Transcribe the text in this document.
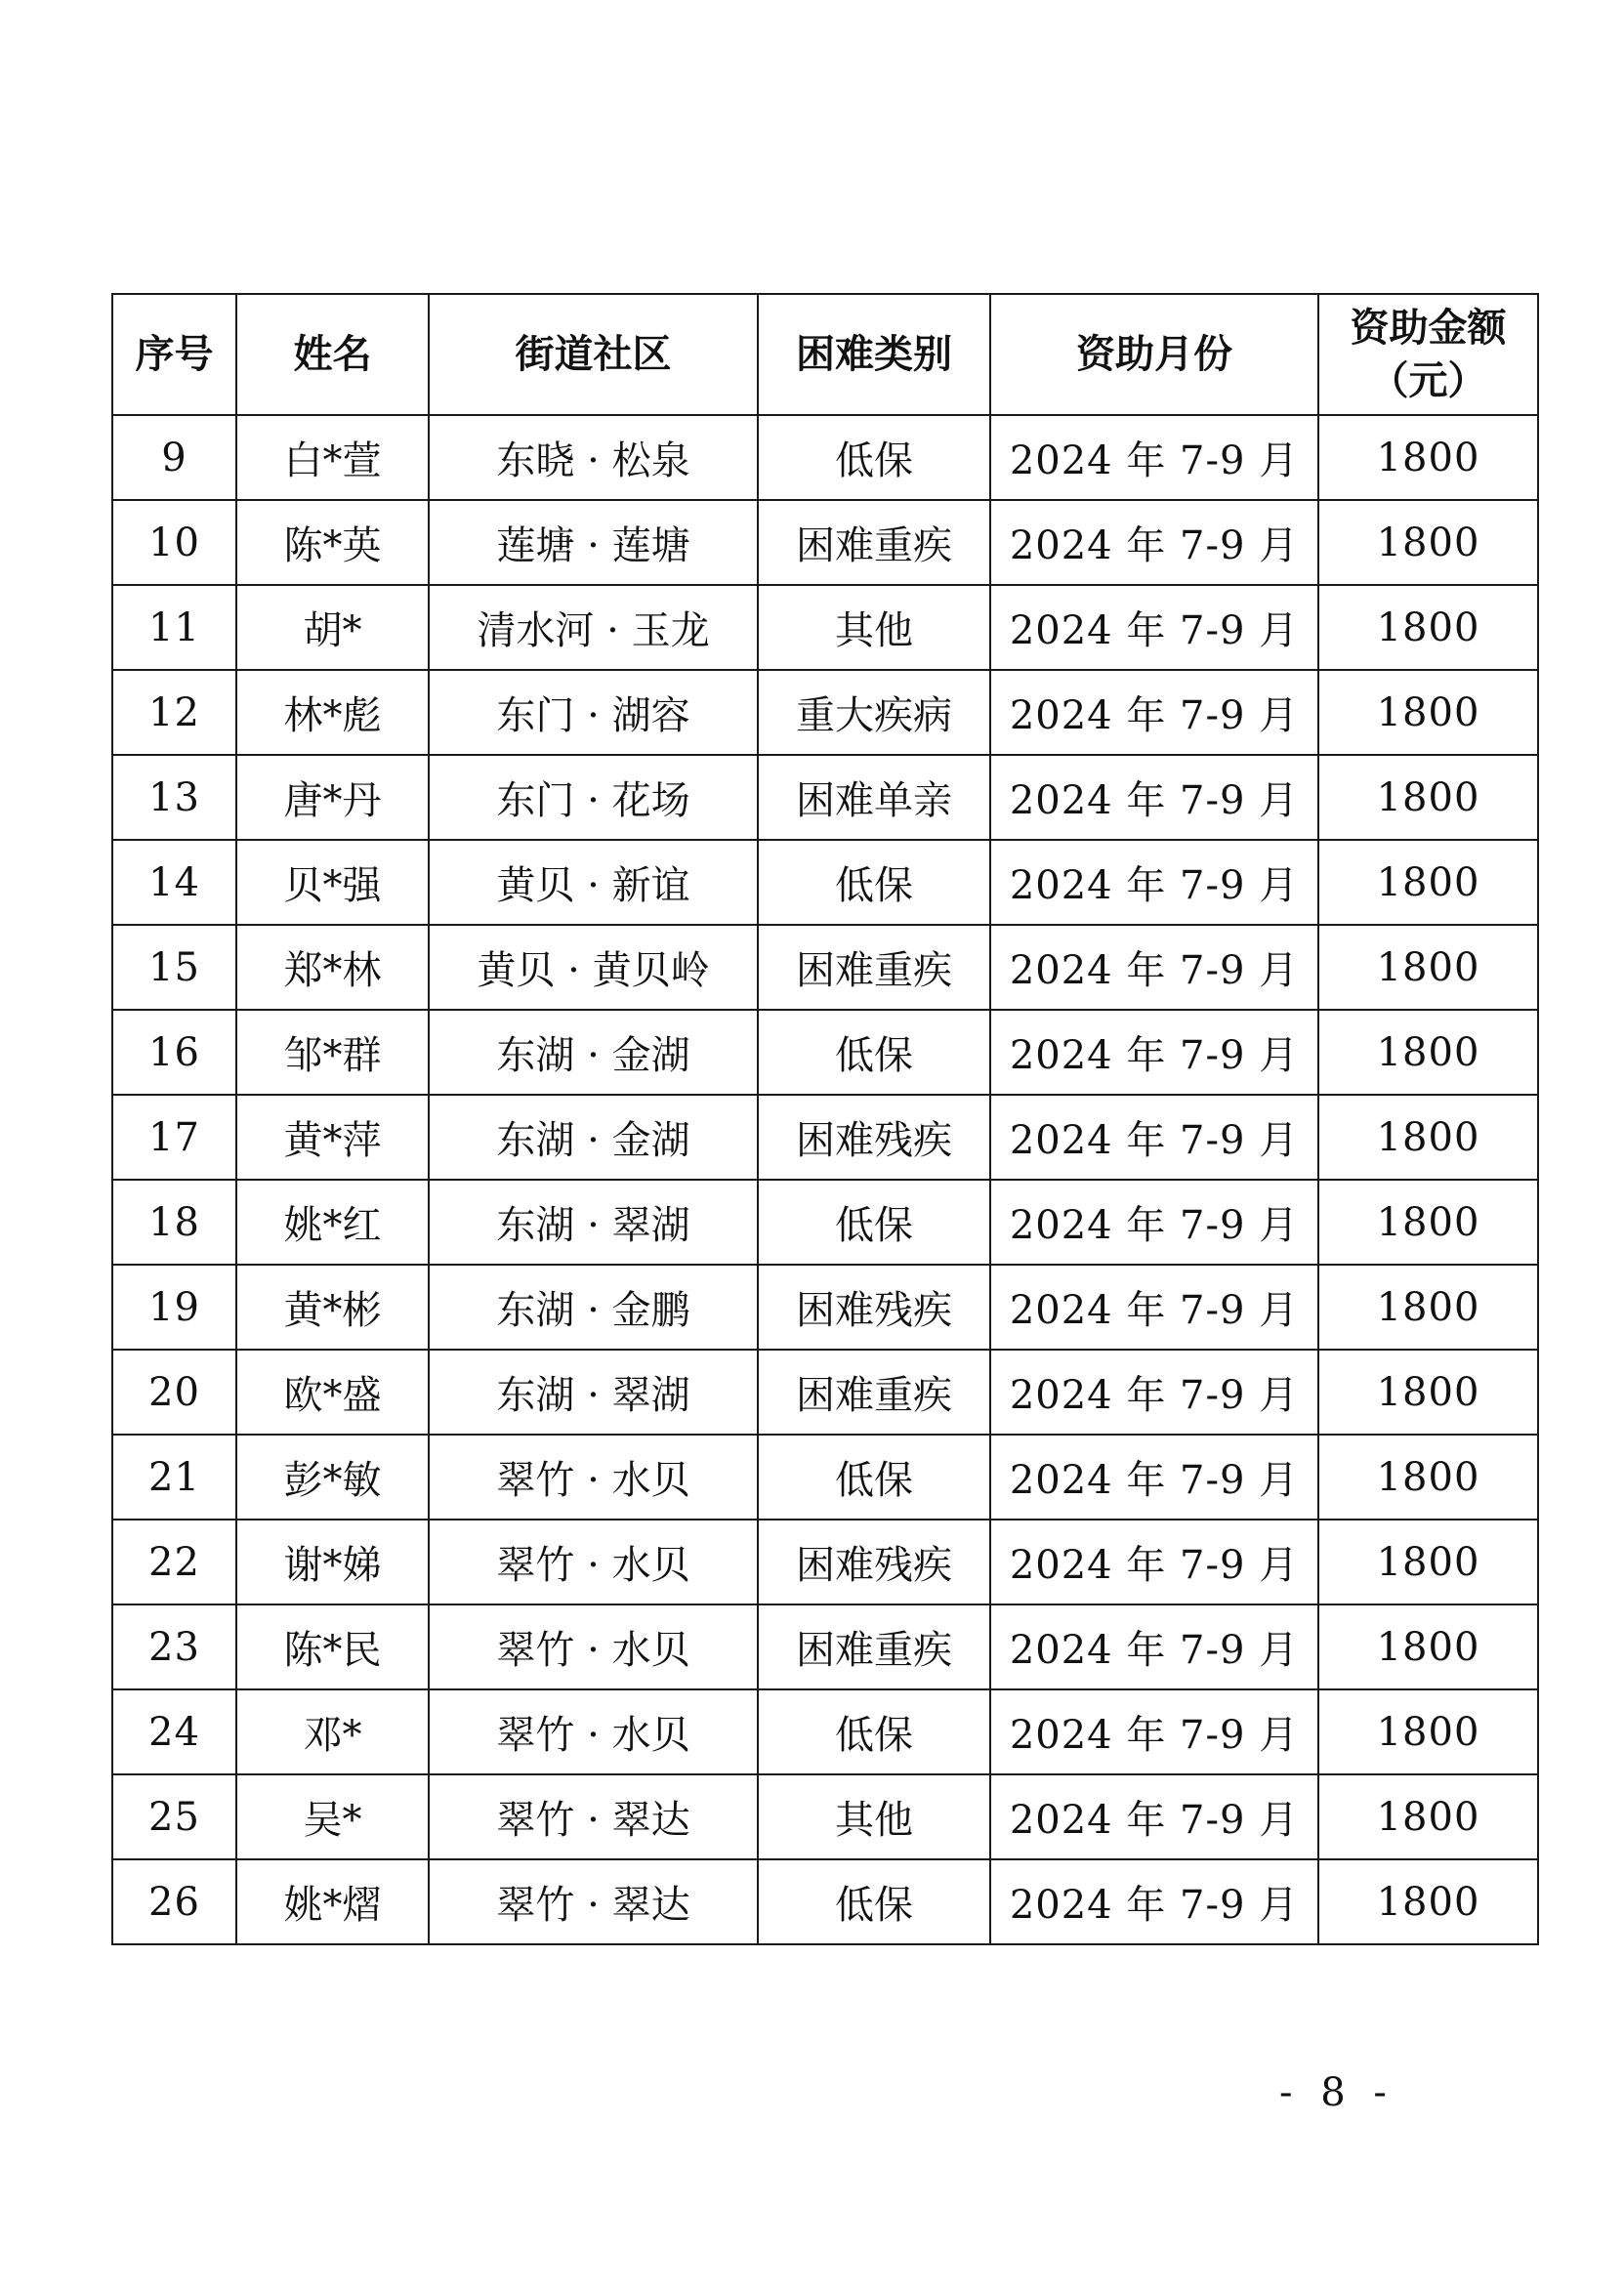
序号	姓名	街道社区	困难类别	资助月份	资助金额
（元）

9	白*萱	东晓 · 松泉	低保	2024 年 7-9 月	1800
10	陈*英	莲塘 · 莲塘	困难重疾	2024 年 7-9 月	1800
11	胡*	清水河 · 玉龙	其他	2024 年 7-9 月	1800
12	林*彪	东门 · 湖容	重大疾病	2024 年 7-9 月	1800
13	唐*丹	东门 · 花场	困难单亲	2024 年 7-9 月	1800
14	贝*强	黄贝 · 新谊	低保	2024 年 7-9 月	1800
15	郑*林	黄贝 · 黄贝岭	困难重疾	2024 年 7-9 月	1800
16	邹*群	东湖 · 金湖	低保	2024 年 7-9 月	1800
17	黄*萍	东湖 · 金湖	困难残疾	2024 年 7-9 月	1800
18	姚*红	东湖 · 翠湖	低保	2024 年 7-9 月	1800
19	黄*彬	东湖 · 金鹏	困难残疾	2024 年 7-9 月	1800
20	欧*盛	东湖 · 翠湖	困难重疾	2024 年 7-9 月	1800
21	彭*敏	翠竹 · 水贝	低保	2024 年 7-9 月	1800
22	谢*娣	翠竹 · 水贝	困难残疾	2024 年 7-9 月	1800
23	陈*民	翠竹 · 水贝	困难重疾	2024 年 7-9 月	1800
24	邓*	翠竹 · 水贝	低保	2024 年 7-9 月	1800
25	吴*	翠竹 · 翠达	其他	2024 年 7-9 月	1800
26	姚*熠	翠竹 · 翠达	低保	2024 年 7-9 月	1800
- 8 -
